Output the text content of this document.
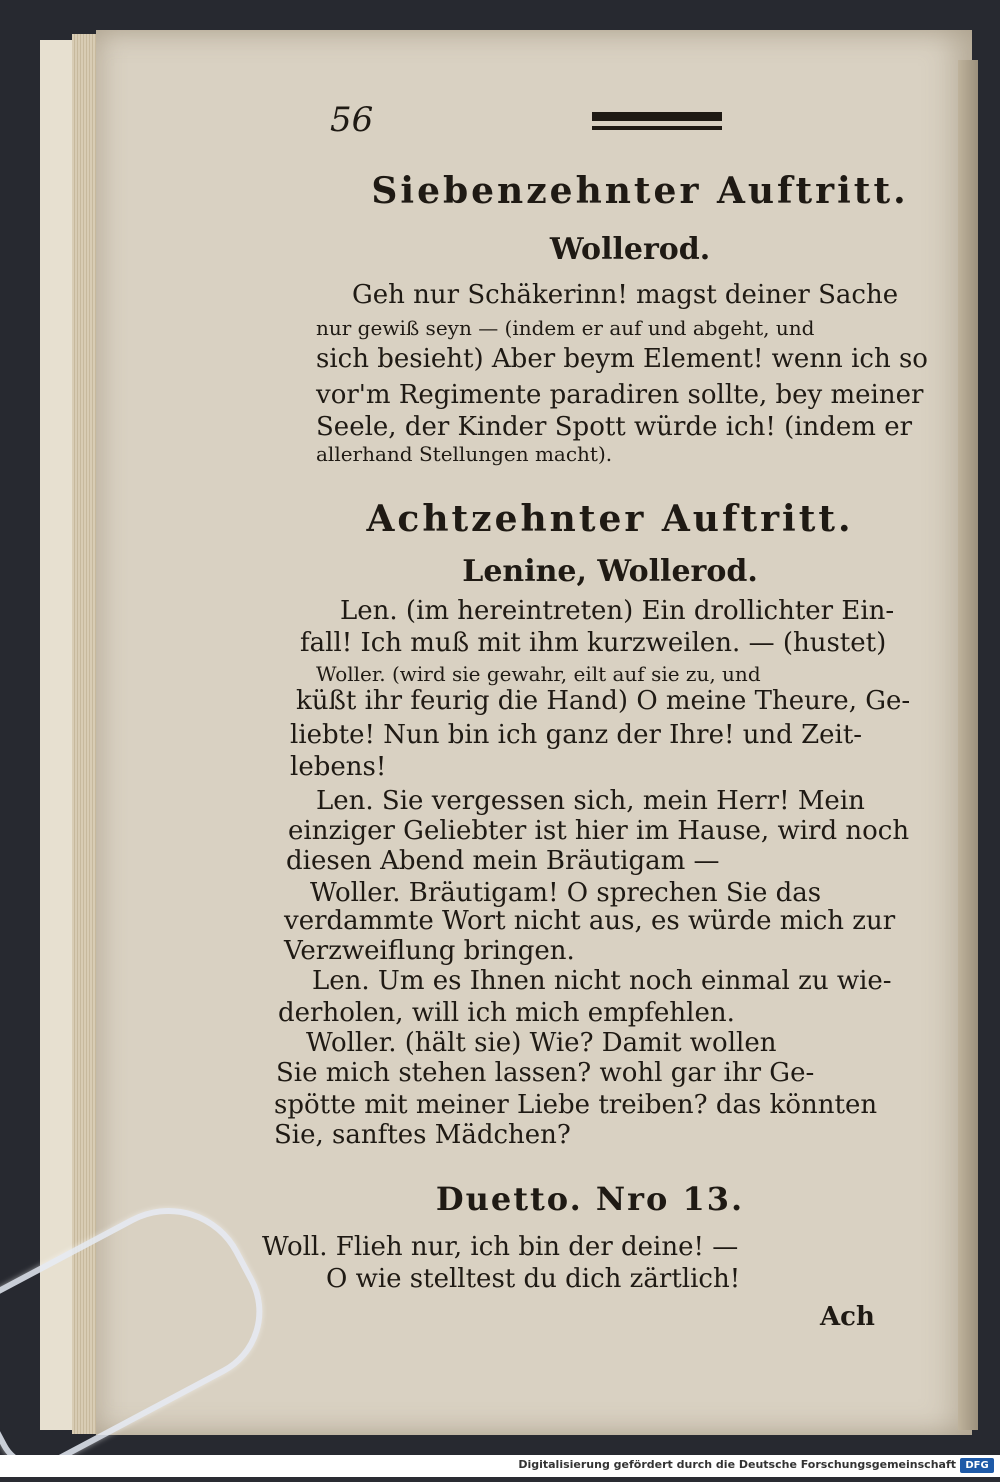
56
Siebenzehnter Auftritt.
Wollerod.
Geh nur Schäkerinn! magst deiner Sache
nur gewiß seyn — (indem er auf und abgeht, und
sich besieht) Aber beym Element! wenn ich so
vor'm Regimente paradiren sollte, bey meiner
Seele, der Kinder Spott würde ich! (indem er
allerhand Stellungen macht).
Achtzehnter Auftritt.
Lenine, Wollerod.
Len. (im hereintreten) Ein drollichter Ein-
fall! Ich muß mit ihm kurzweilen. — (hustet)
Woller. (wird sie gewahr, eilt auf sie zu, und
küßt ihr feurig die Hand) O meine Theure, Ge-
liebte! Nun bin ich ganz der Ihre! und Zeit-
lebens!
Len. Sie vergessen sich, mein Herr! Mein
einziger Geliebter ist hier im Hause, wird noch
diesen Abend mein Bräutigam —
Woller. Bräutigam! O sprechen Sie das
verdammte Wort nicht aus, es würde mich zur
Verzweiflung bringen.
Len. Um es Ihnen nicht noch einmal zu wie-
derholen, will ich mich empfehlen.
Woller. (hält sie) Wie? Damit wollen
Sie mich stehen lassen? wohl gar ihr Ge-
spötte mit meiner Liebe treiben? das könnten
Sie, sanftes Mädchen?
Duetto. Nro 13.
Woll. Flieh nur, ich bin der deine! —
O wie stelltest du dich zärtlich!
Ach
Digitalisierung gefördert durch die Deutsche Forschungsgemeinschaft DFG
